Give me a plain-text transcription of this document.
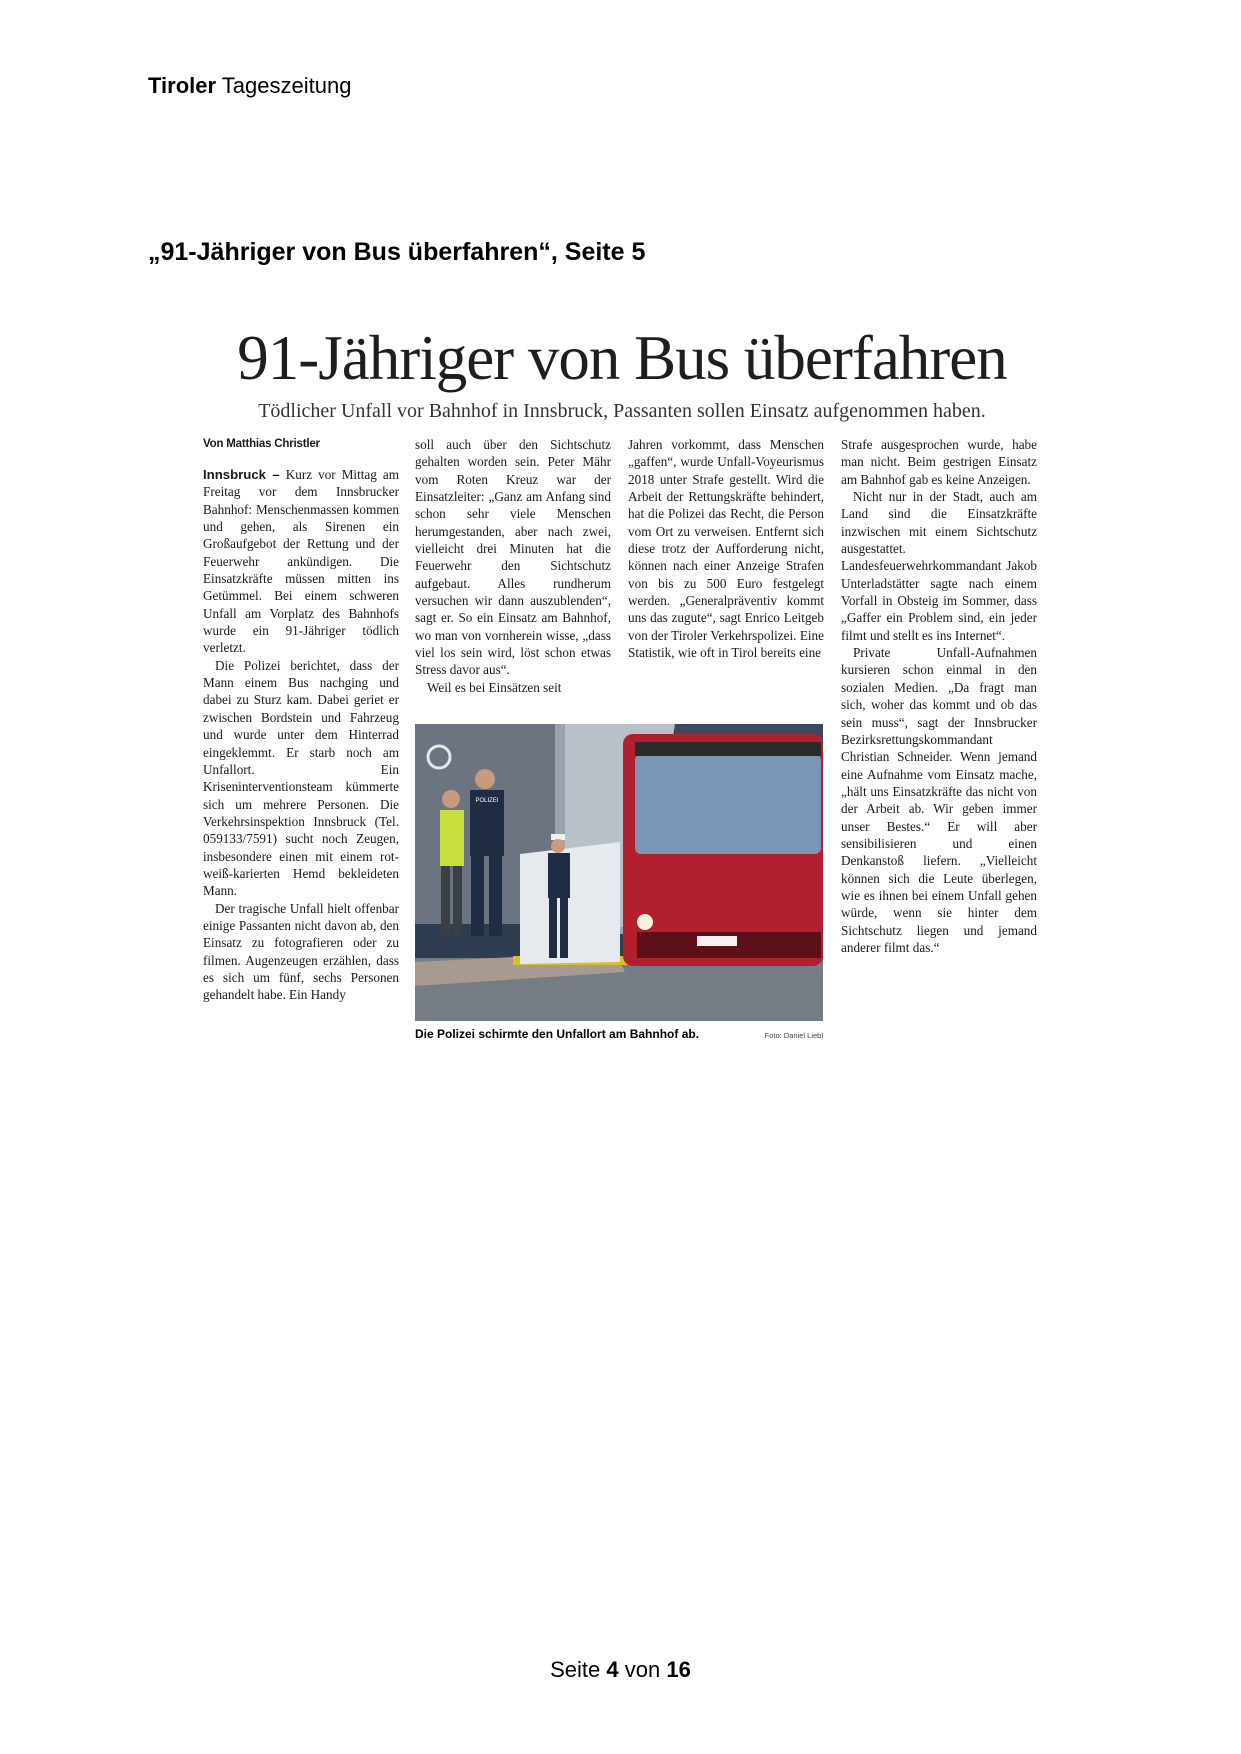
Tiroler Tageszeitung
„91-Jähriger von Bus überfahren“, Seite 5
91-Jähriger von Bus überfahren
Tödlicher Unfall vor Bahnhof in Innsbruck, Passanten sollen Einsatz aufgenommen haben.
Von Matthias Christler

Innsbruck – Kurz vor Mittag am Freitag vor dem Innsbrucker Bahnhof: Menschenmassen kommen und gehen, als Sirenen ein Großaufgebot der Rettung und der Feuerwehr ankündigen. Die Einsatzkräfte müssen mitten ins Getümmel. Bei einem schweren Unfall am Vorplatz des Bahnhofs wurde ein 91-Jähriger tödlich verletzt.

Die Polizei berichtet, dass der Mann einem Bus nachging und dabei zu Sturz kam. Dabei geriet er zwischen Bordstein und Fahrzeug und wurde unter dem Hinterrad eingeklemmt. Er starb noch am Unfallort. Ein Kriseninterventionsteam kümmerte sich um mehrere Personen. Die Verkehrsinspektion Innsbruck (Tel. 059133/7591) sucht noch Zeugen, insbesondere einen mit einem rot-weiß-karierten Hemd bekleideten Mann.

Der tragische Unfall hielt offenbar einige Passanten nicht davon ab, den Einsatz zu fotografieren oder zu filmen. Augenzeugen erzählen, dass es sich um fünf, sechs Personen gehandelt habe. Ein Handy

soll auch über den Sichtschutz gehalten worden sein. Peter Mähr vom Roten Kreuz war der Einsatzleiter: „Ganz am Anfang sind schon sehr viele Menschen herumgestanden, aber nach zwei, vielleicht drei Minuten hat die Feuerwehr den Sichtschutz aufgebaut. Alles rundherum versuchen wir dann auszublenden“, sagt er. So ein Einsatz am Bahnhof, wo man von vornherein wisse, „dass viel los sein wird, löst schon etwas Stress davor aus“.

Weil es bei Einsätzen seit

Jahren vorkommt, dass Menschen „gaffen“, wurde Unfall-Voyeurismus 2018 unter Strafe gestellt. Wird die Arbeit der Rettungskräfte behindert, hat die Polizei das Recht, die Person vom Ort zu verweisen. Entfernt sich diese trotz der Aufforderung nicht, können nach einer Anzeige Strafen von bis zu 500 Euro festgelegt werden. „Generalpräventiv kommt uns das zugute“, sagt Enrico Leitgeb von der Tiroler Verkehrspolizei. Eine Statistik, wie oft in Tirol bereits eine

Strafe ausgesprochen wurde, habe man nicht. Beim gestrigen Einsatz am Bahnhof gab es keine Anzeigen.

Nicht nur in der Stadt, auch am Land sind die Einsatzkräfte inzwischen mit einem Sichtschutz ausgestattet. Landesfeuerwehrkommandant Jakob Unterladstätter sagte nach einem Vorfall in Obsteig im Sommer, dass „Gaffer ein Problem sind, ein jeder filmt und stellt es ins Internet“.

Private Unfall-Aufnahmen kursieren schon einmal in den sozialen Medien. „Da fragt man sich, woher das kommt und ob das sein muss“, sagt der Innsbrucker Bezirksrettungskommandant Christian Schneider. Wenn jemand eine Aufnahme vom Einsatz mache, „hält uns Einsatzkräfte das nicht von der Arbeit ab. Wir geben immer unser Bestes.“ Er will aber sensibilisieren und einen Denkanstoß liefern. „Vielleicht können sich die Leute überlegen, wie es ihnen bei einem Unfall gehen würde, wenn sie hinter dem Sichtschutz liegen und jemand anderer filmt das.“

POLIZEI
Die Polizei schirmte den Unfallort am Bahnhof ab.	Foto: Daniel Liebl
Seite 4 von 16
